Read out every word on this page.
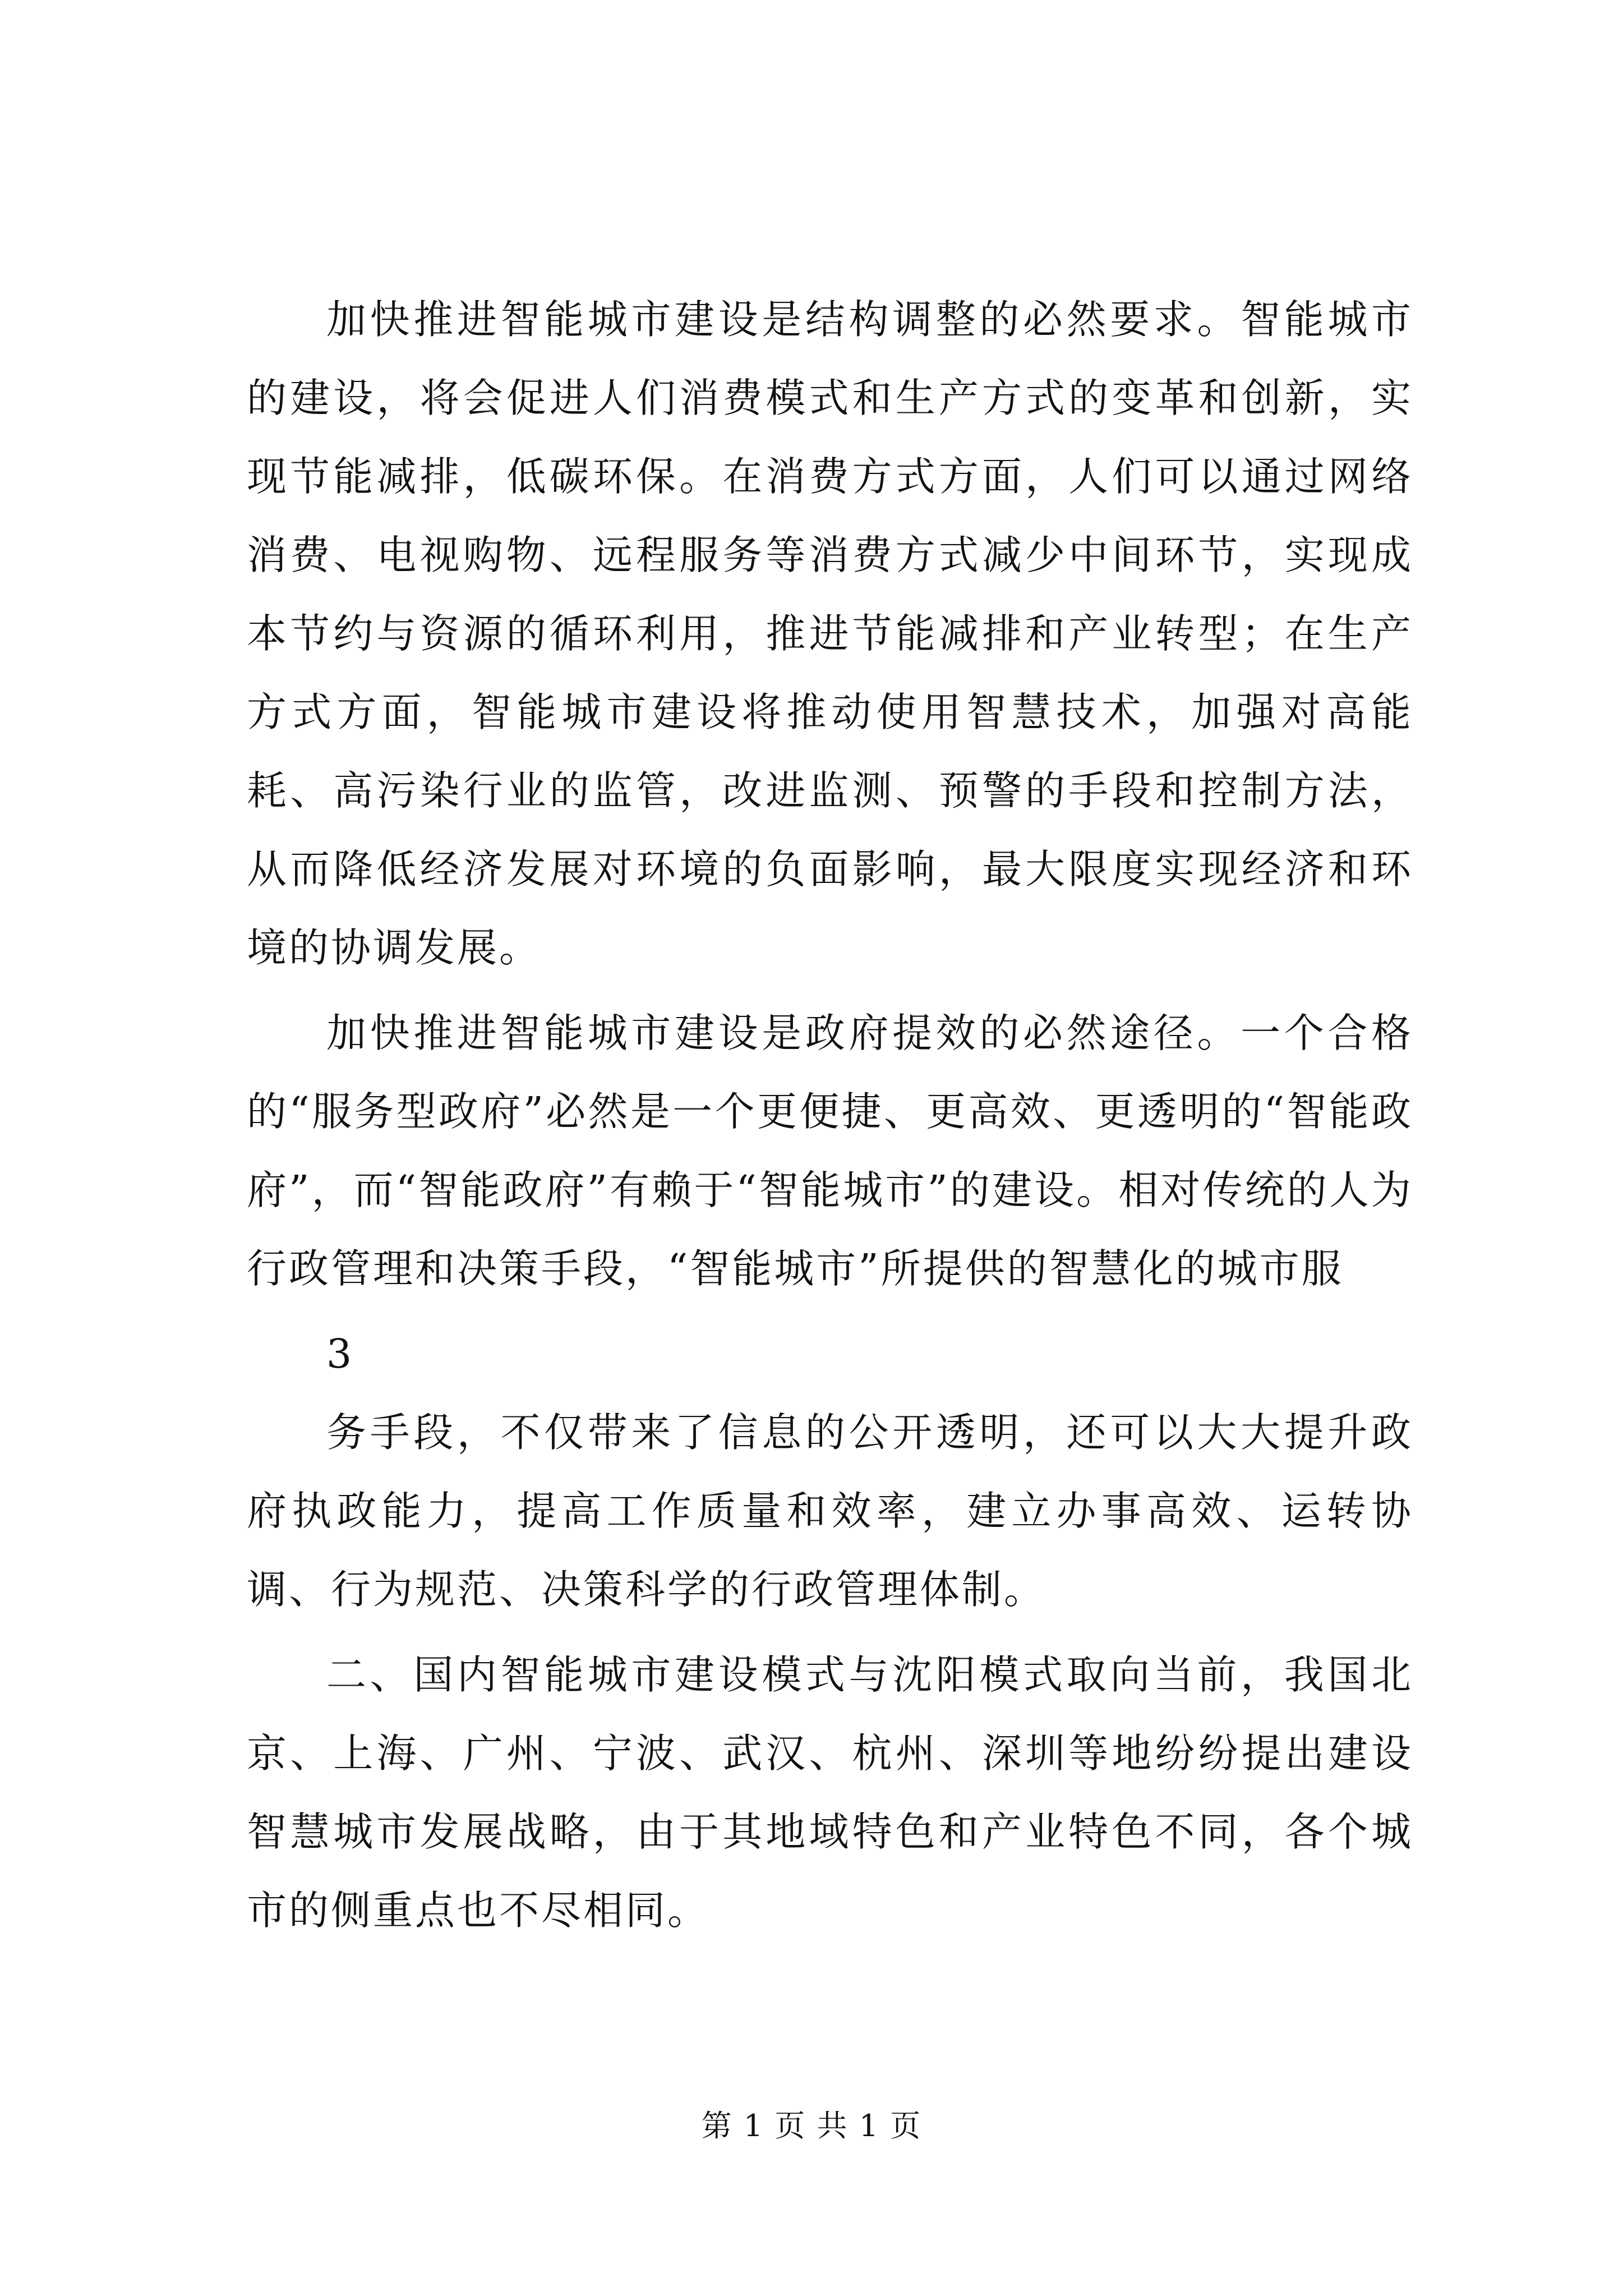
加快推进智能城市建设是结构调整的必然要求。智能城市的建设，将会促进人们消费模式和生产方式的变革和创新，实现节能减排，低碳环保。在消费方式方面，人们可以通过网络消费、电视购物、远程服务等消费方式减少中间环节，实现成本节约与资源的循环利用，推进节能减排和产业转型；在生产方式方面，智能城市建设将推动使用智慧技术，加强对高能耗、高污染行业的监管，改进监测、预警的手段和控制方法，从而降低经济发展对环境的负面影响，最大限度实现经济和环境的协调发展。

加快推进智能城市建设是政府提效的必然途径。一个合格的“服务型政府”必然是一个更便捷、更高效、更透明的“智能政府”，而“智能政府”有赖于“智能城市”的建设。相对传统的人为行政管理和决策手段，“智能城市”所提供的智慧化的城市服

3

务手段，不仅带来了信息的公开透明，还可以大大提升政府执政能力，提高工作质量和效率，建立办事高效、运转协调、行为规范、决策科学的行政管理体制。

二、国内智能城市建设模式与沈阳模式取向当前，我国北京、上海、广州、宁波、武汉、杭州、深圳等地纷纷提出建设智慧城市发展战略，由于其地域特色和产业特色不同，各个城市的侧重点也不尽相同。

第 1 页 共 1 页
